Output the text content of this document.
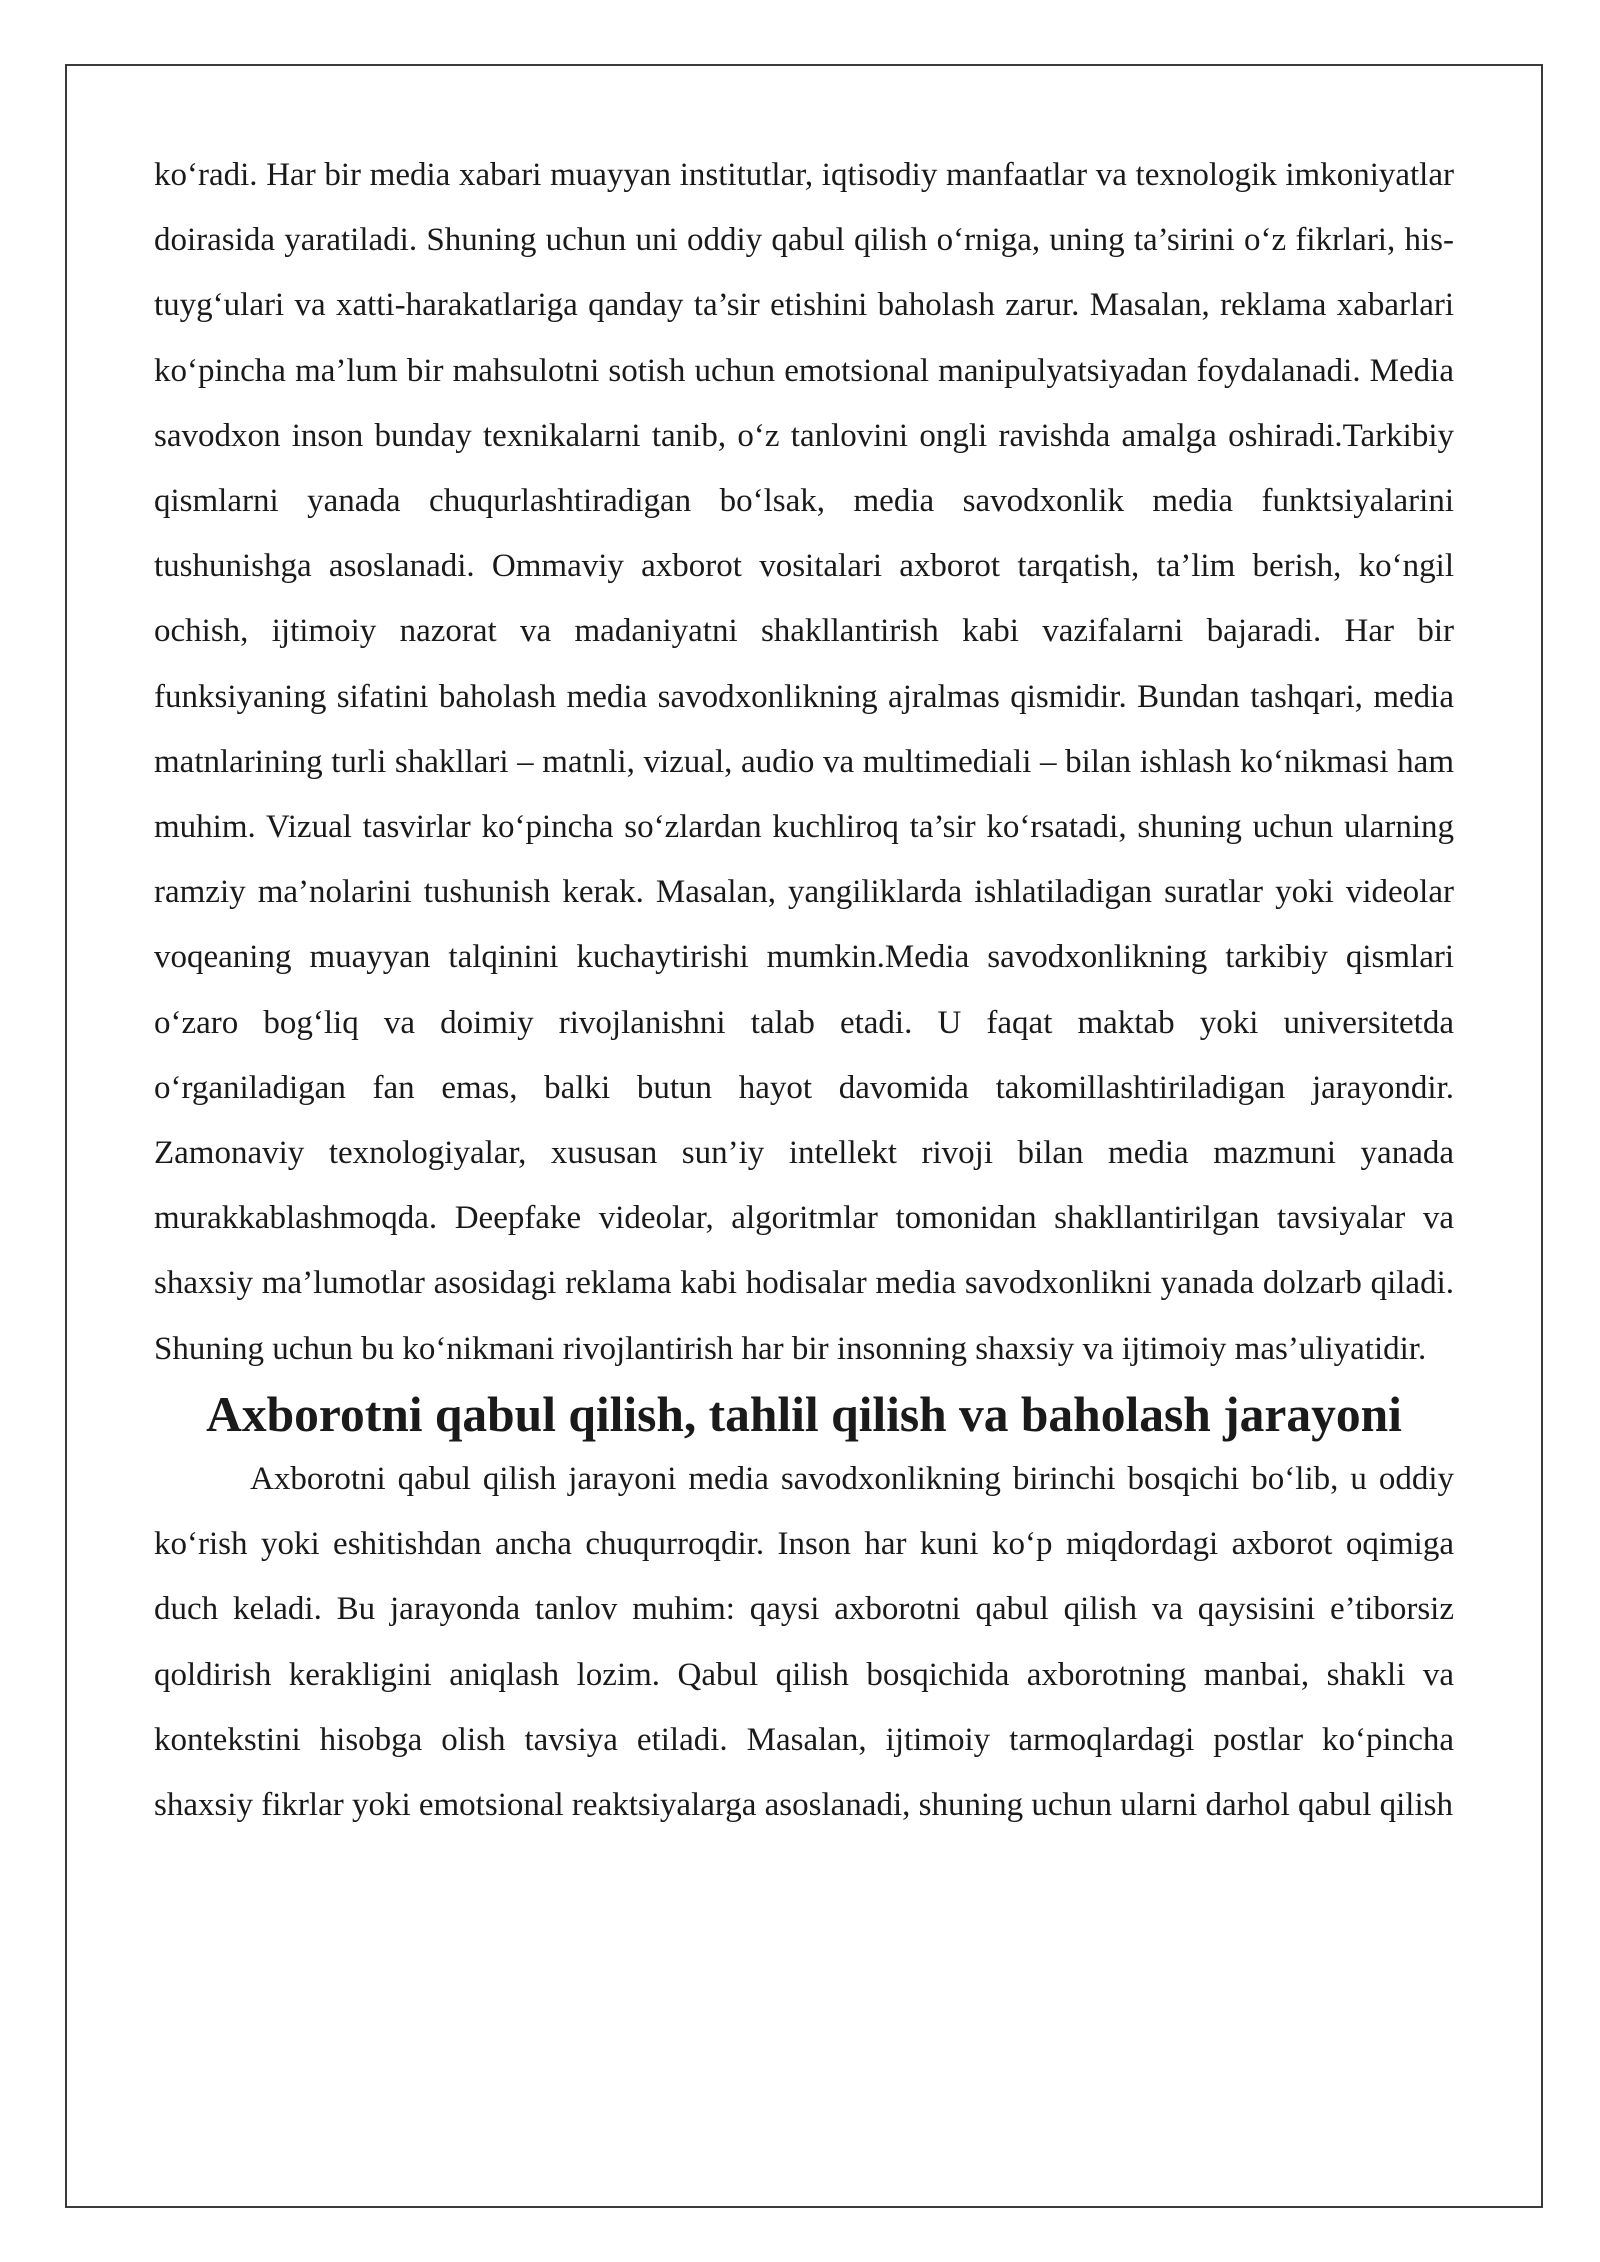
ko‘radi. Har bir media xabari muayyan institutlar, iqtisodiy manfaatlar va texnologik imkoniyatlar doirasida yaratiladi. Shuning uchun uni oddiy qabul qilish o‘rniga, uning ta’sirini o‘z fikrlari, his-tuyg‘ulari va xatti-harakatlariga qanday ta’sir etishini baholash zarur. Masalan, reklama xabarlari ko‘pincha ma’lum bir mahsulotni sotish uchun emotsional manipulyatsiyadan foydalanadi. Media savodxon inson bunday texnikalarni tanib, o‘z tanlovini ongli ravishda amalga oshiradi.Tarkibiy qismlarni yanada chuqurlashtiradigan bo‘lsak, media savodxonlik media funktsiyalarini tushunishga asoslanadi. Ommaviy axborot vositalari axborot tarqatish, ta’lim berish, ko‘ngil ochish, ijtimoiy nazorat va madaniyatni shakllantirish kabi vazifalarni bajaradi. Har bir funksiyaning sifatini baholash media savodxonlikning ajralmas qismidir. Bundan tashqari, media matnlarining turli shakllari – matnli, vizual, audio va multimediali – bilan ishlash ko‘nikmasi ham muhim. Vizual tasvirlar ko‘pincha so‘zlardan kuchliroq ta’sir ko‘rsatadi, shuning uchun ularning ramziy ma’nolarini tushunish kerak. Masalan, yangiliklarda ishlatiladigan suratlar yoki videolar voqeaning muayyan talqinini kuchaytirishi mumkin.Media savodxonlikning tarkibiy qismlari o‘zaro bog‘liq va doimiy rivojlanishni talab etadi. U faqat maktab yoki universitetda o‘rganiladigan fan emas, balki butun hayot davomida takomillashtiriladigan jarayondir. Zamonaviy texnologiyalar, xususan sun’iy intellekt rivoji bilan media mazmuni yanada murakkablashmoqda. Deepfake videolar, algoritmlar tomonidan shakllantirilgan tavsiyalar va shaxsiy ma’lumotlar asosidagi reklama kabi hodisalar media savodxonlikni yanada dolzarb qiladi. Shuning uchun bu ko‘nikmani rivojlantirish har bir insonning shaxsiy va ijtimoiy mas’uliyatidir.

Axborotni qabul qilish, tahlil qilish va baholash jarayoni

Axborotni qabul qilish jarayoni media savodxonlikning birinchi bosqichi bo‘lib, u oddiy ko‘rish yoki eshitishdan ancha chuqurroqdir. Inson har kuni ko‘p miqdordagi axborot oqimiga duch keladi. Bu jarayonda tanlov muhim: qaysi axborotni qabul qilish va qaysisini e’tiborsiz qoldirish kerakligini aniqlash lozim. Qabul qilish bosqichida axborotning manbai, shakli va kontekstini hisobga olish tavsiya etiladi. Masalan, ijtimoiy tarmoqlardagi postlar ko‘pincha shaxsiy fikrlar yoki emotsional reaktsiyalarga asoslanadi, shuning uchun ularni darhol qabul qilish
